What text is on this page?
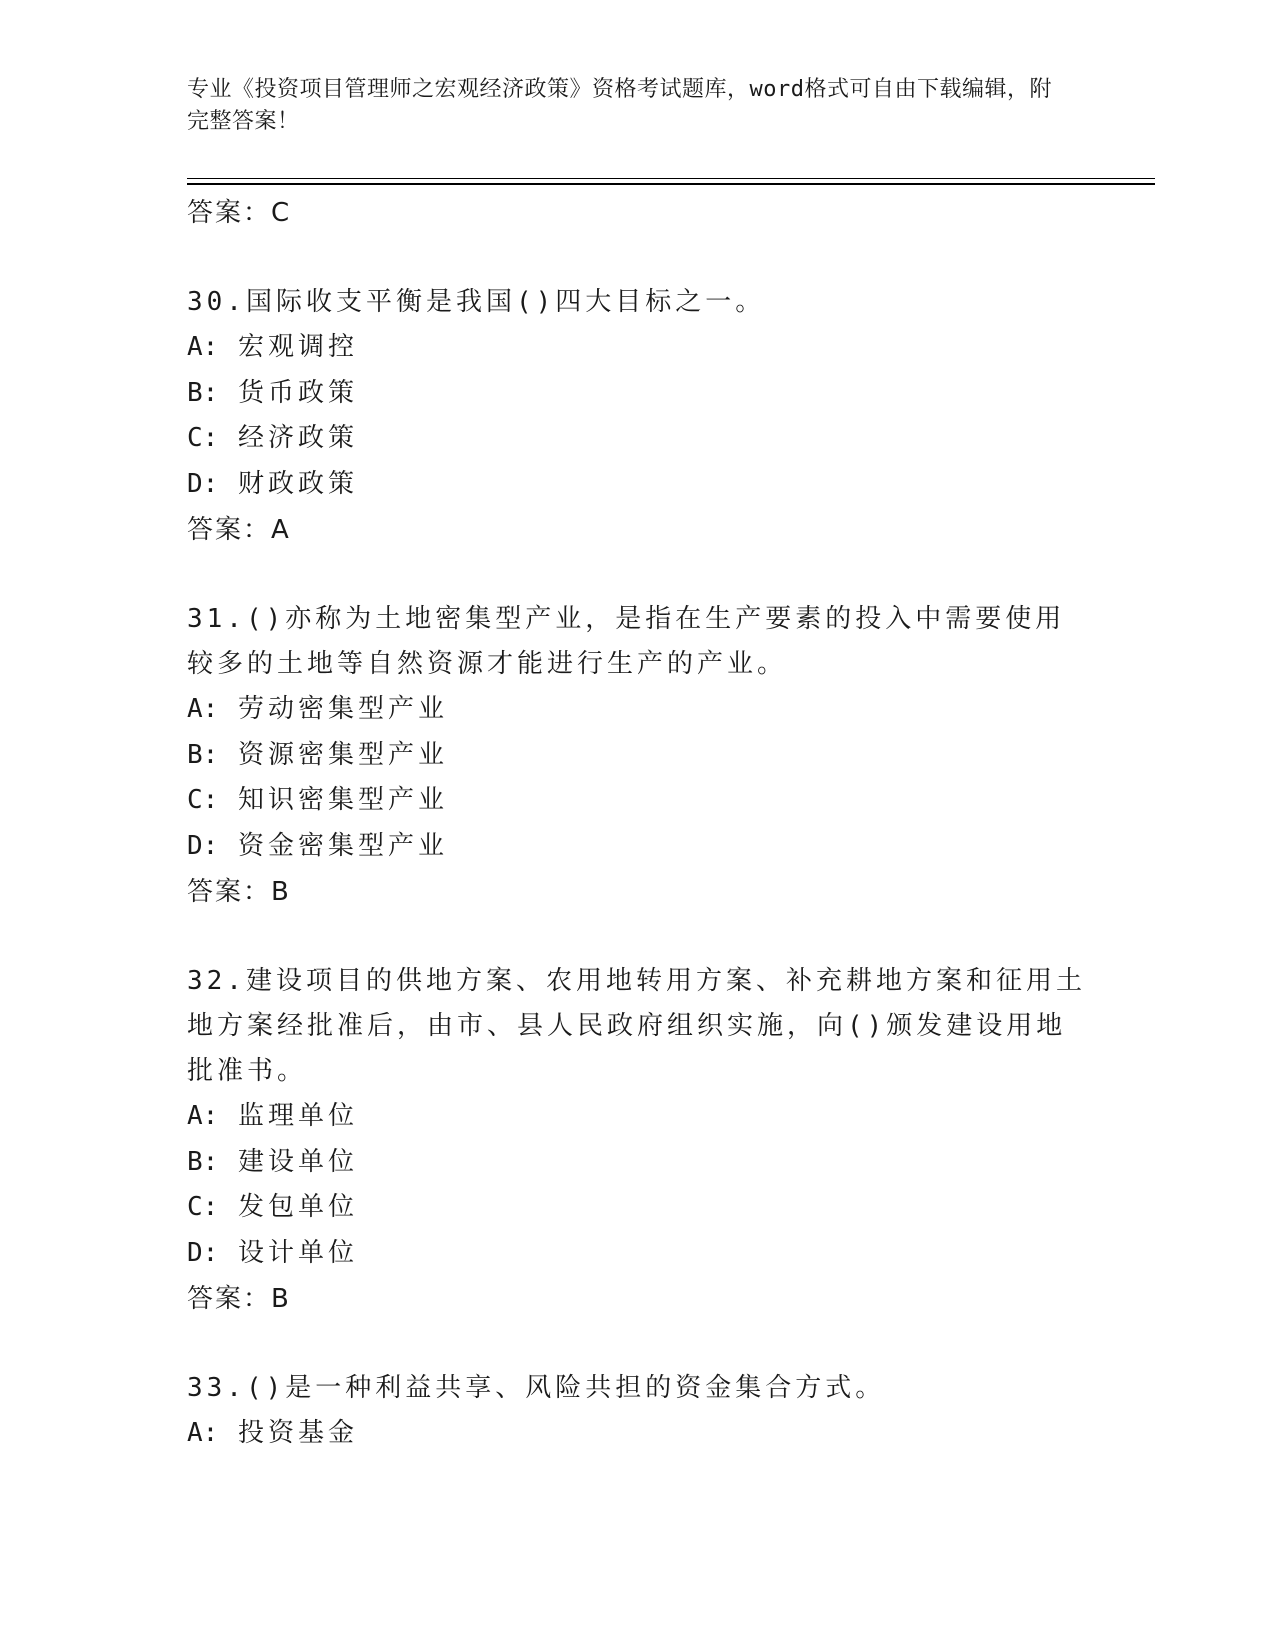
专业《投资项目管理师之宏观经济政策》资格考试题库，word格式可自由下载编辑，附完整答案！
答案：C
30.国际收支平衡是我国()四大目标之一。
A: 宏观调控
B: 货币政策
C: 经济政策
D: 财政政策
答案：A
31.()亦称为土地密集型产业，是指在生产要素的投入中需要使用较多的土地等自然资源才能进行生产的产业。
A: 劳动密集型产业
B: 资源密集型产业
C: 知识密集型产业
D: 资金密集型产业
答案：B
32.建设项目的供地方案、农用地转用方案、补充耕地方案和征用土地方案经批准后，由市、县人民政府组织实施，向()颁发建设用地批准书。
A: 监理单位
B: 建设单位
C: 发包单位
D: 设计单位
答案：B
33.()是一种利益共享、风险共担的资金集合方式。
A: 投资基金
